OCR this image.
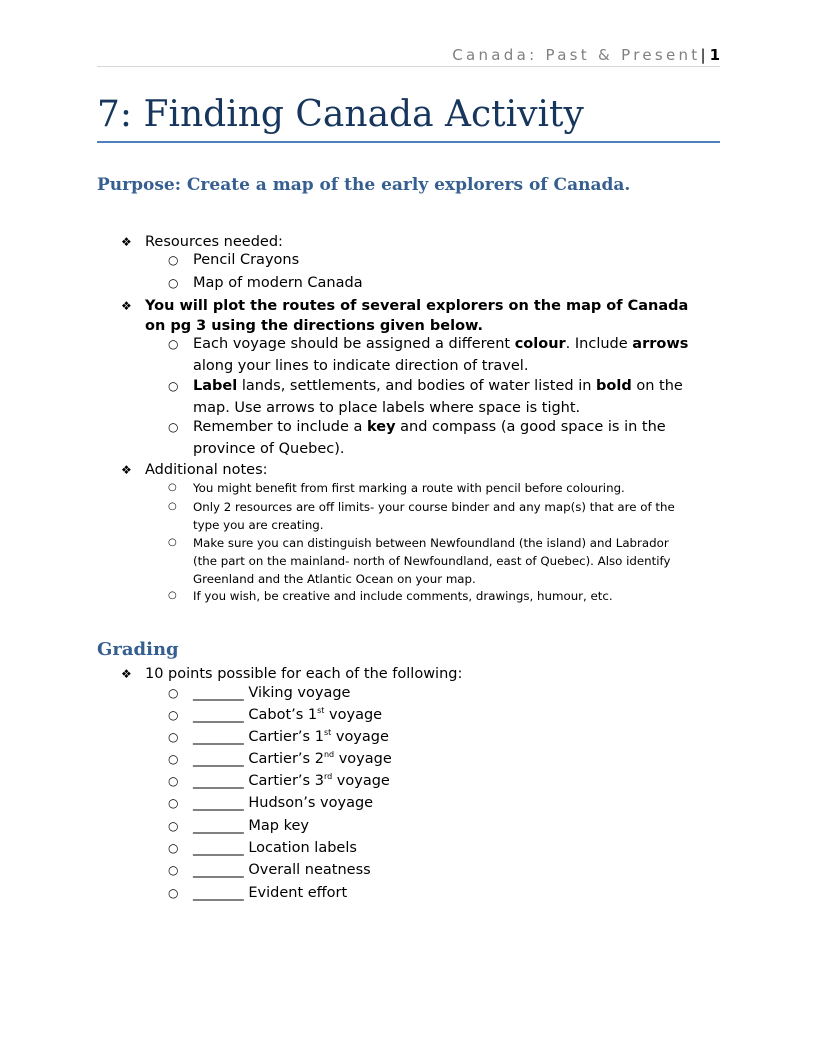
Canada: Past & Present| 1
7: Finding Canada Activity
Purpose: Create a map of the early explorers of Canada.
❖ Resources needed:
○ Pencil Crayons
○ Map of modern Canada
❖ You will plot the routes of several explorers on the map of Canada
on pg 3 using the directions given below.
○ Each voyage should be assigned a different colour. Include arrows
along your lines to indicate direction of travel.
○ Label lands, settlements, and bodies of water listed in bold on the
map. Use arrows to place labels where space is tight.
○ Remember to include a key and compass (a good space is in the
province of Quebec).
❖ Additional notes:
○ You might benefit from first marking a route with pencil before colouring.
○ Only 2 resources are off limits- your course binder and any map(s) that are of the
type you are creating.
○ Make sure you can distinguish between Newfoundland (the island) and Labrador
(the part on the mainland- north of Newfoundland, east of Quebec). Also identify
Greenland and the Atlantic Ocean on your map.
○ If you wish, be creative and include comments, drawings, humour, etc.
Grading
❖ 10 points possible for each of the following:
○ _______ Viking voyage
○ _______ Cabot’s 1st voyage
○ _______ Cartier’s 1st voyage
○ _______ Cartier’s 2nd voyage
○ _______ Cartier’s 3rd voyage
○ _______ Hudson’s voyage
○ _______ Map key
○ _______ Location labels
○ _______ Overall neatness
○ _______ Evident effort
